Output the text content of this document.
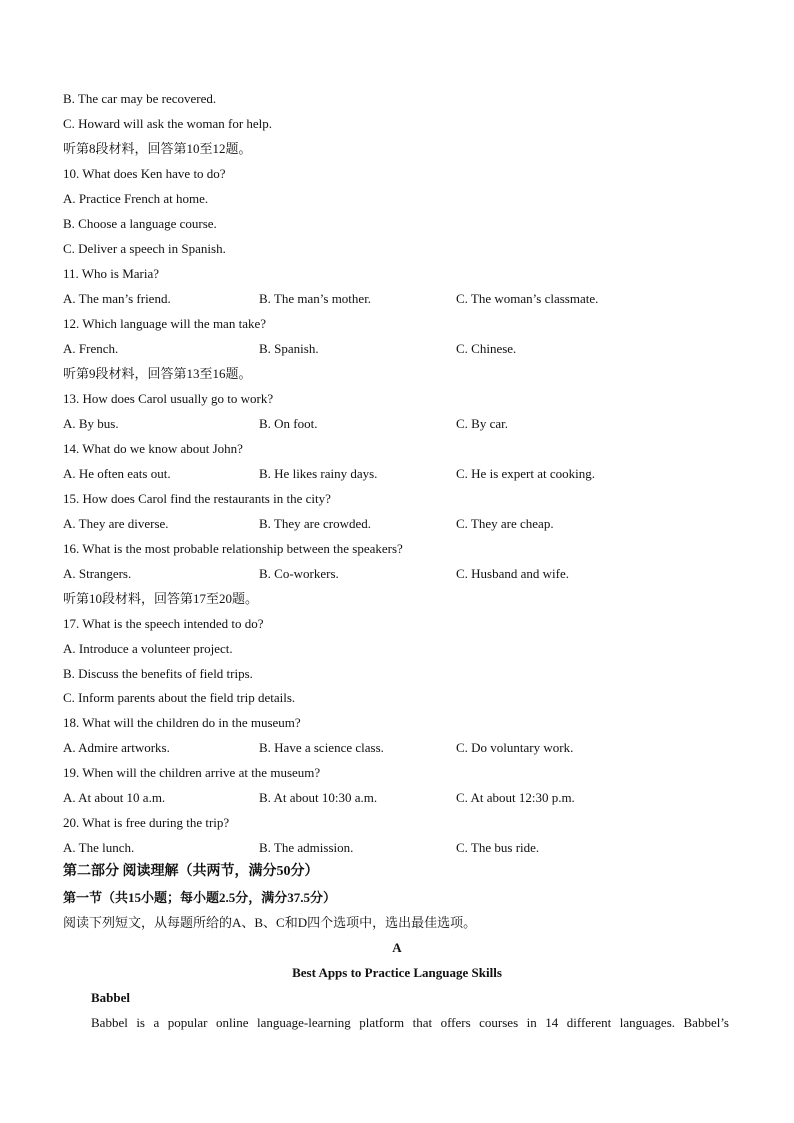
B. The car may be recovered.
C. Howard will ask the woman for help.
听第8段材料，回答第10至12题。
10. What does Ken have to do?
A. Practice French at home.
B. Choose a language course.
C. Deliver a speech in Spanish.
11. Who is Maria?
A. The man’s friend.	B. The man’s mother.	C. The woman’s classmate.
12. Which language will the man take?
A. French.	B. Spanish.	C. Chinese.
听第9段材料，回答第13至16题。
13. How does Carol usually go to work?
A. By bus.	B. On foot.	C. By car.
14. What do we know about John?
A. He often eats out.	B. He likes rainy days.	C. He is expert at cooking.
15. How does Carol find the restaurants in the city?
A. They are diverse.	B. They are crowded.	C. They are cheap.
16. What is the most probable relationship between the speakers?
A. Strangers.	B. Co-workers.	C. Husband and wife.
听第10段材料，回答第17至20题。
17. What is the speech intended to do?
A. Introduce a volunteer project.
B. Discuss the benefits of field trips.
C. Inform parents about the field trip details.
18. What will the children do in the museum?
A. Admire artworks.	B. Have a science class.	C. Do voluntary work.
19. When will the children arrive at the museum?
A. At about 10 a.m.	B. At about 10:30 a.m.	C. At about 12:30 p.m.
20. What is free during the trip?
A. The lunch.	B. The admission.	C. The bus ride.
第二部分 阅读理解（共两节，满分50分）
第一节（共15小题；每小题2.5分，满分37.5分）
阅读下列短文，从每题所给的A、B、C和D四个选项中，选出最佳选项。
A
Best Apps to Practice Language Skills
Babbel
Babbel is a popular online language-learning platform that offers courses in 14 different languages. Babbel’s
